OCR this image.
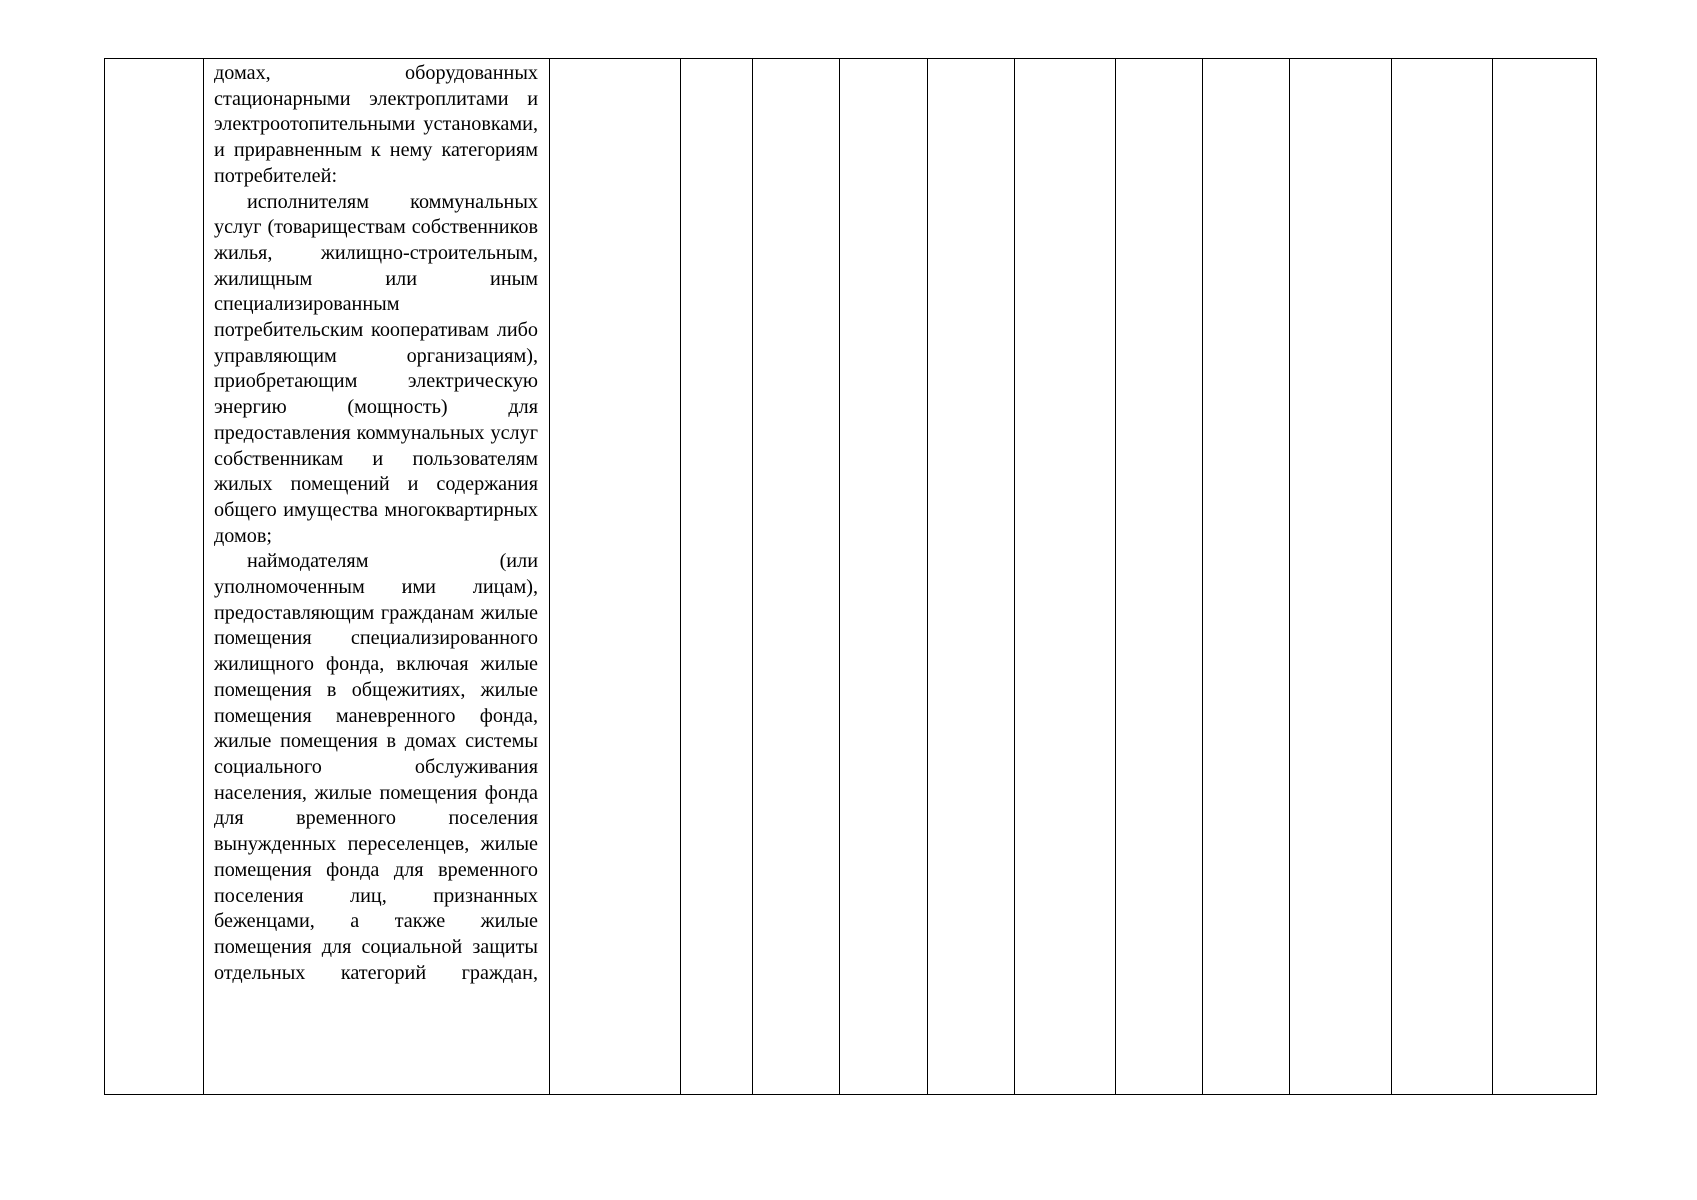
домах, оборудованных стационарными электроплитами и электроотопительными установками, и приравненным к нему категориям потребителей:

исполнителям коммунальных услуг (товариществам собственников жилья, жилищно-строительным, жилищным или иным специализированным потребительским кооперативам либо управляющим организациям), приобретающим электрическую энергию (мощность) для предоставления коммунальных услуг собственникам и пользователям жилых помещений и содержания общего имущества многоквартирных домов;

наймодателям (или уполномоченным ими лицам), предоставляющим гражданам жилые помещения специализированного жилищного фонда, включая жилые помещения в общежитиях, жилые помещения маневренного фонда, жилые помещения в домах системы социального обслуживания населения, жилые помещения фонда для временного поселения вынужденных переселенцев, жилые помещения фонда для временного поселения лиц, признанных беженцами, а также жилые помещения для социальной защиты отдельных категорий граждан,
